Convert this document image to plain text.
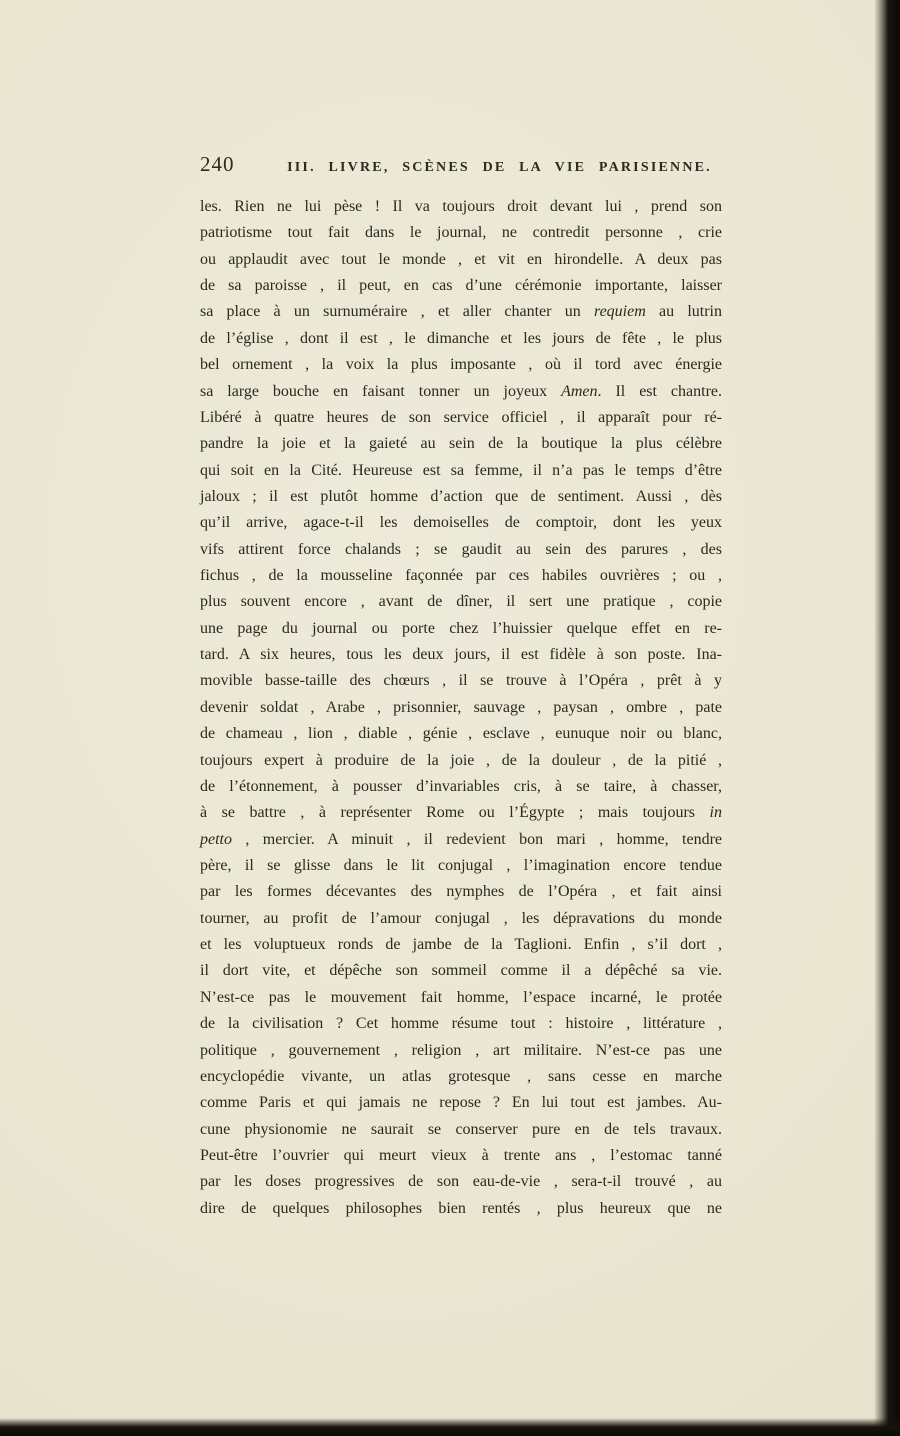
240	III. LIVRE, SCÈNES DE LA VIE PARISIENNE.
les. Rien ne lui pèse ! Il va toujours droit devant lui , prend son
patriotisme tout fait dans le journal, ne contredit personne , crie
ou applaudit avec tout le monde , et vit en hirondelle. A deux pas
de sa paroisse , il peut, en cas d’une cérémonie importante, laisser
sa place à un surnuméraire , et aller chanter un requiem au lutrin
de l’église , dont il est , le dimanche et les jours de fête , le plus
bel ornement , la voix la plus imposante , où il tord avec énergie
sa large bouche en faisant tonner un joyeux Amen. Il est chantre.
Libéré à quatre heures de son service officiel , il apparaît pour ré-
pandre la joie et la gaieté au sein de la boutique la plus célèbre
qui soit en la Cité. Heureuse est sa femme, il n’a pas le temps d’être
jaloux ; il est plutôt homme d’action que de sentiment. Aussi , dès
qu’il arrive, agace-t-il les demoiselles de comptoir, dont les yeux
vifs attirent force chalands ; se gaudit au sein des parures , des
fichus , de la mousseline façonnée par ces habiles ouvrières ; ou ,
plus souvent encore , avant de dîner, il sert une pratique , copie
une page du journal ou porte chez l’huissier quelque effet en re-
tard. A six heures, tous les deux jours, il est fidèle à son poste. Ina-
movible basse-taille des chœurs , il se trouve à l’Opéra , prêt à y
devenir soldat , Arabe , prisonnier, sauvage , paysan , ombre , pate
de chameau , lion , diable , génie , esclave , eunuque noir ou blanc,
toujours expert à produire de la joie , de la douleur , de la pitié ,
de l’étonnement, à pousser d’invariables cris, à se taire, à chasser,
à se battre , à représenter Rome ou l’Égypte ; mais toujours in
petto , mercier. A minuit , il redevient bon mari , homme, tendre
père, il se glisse dans le lit conjugal , l’imagination encore tendue
par les formes décevantes des nymphes de l’Opéra , et fait ainsi
tourner, au profit de l’amour conjugal , les dépravations du monde
et les voluptueux ronds de jambe de la Taglioni. Enfin , s’il dort ,
il dort vite, et dépêche son sommeil comme il a dépêché sa vie.
N’est-ce pas le mouvement fait homme, l’espace incarné, le protée
de la civilisation ? Cet homme résume tout : histoire , littérature ,
politique , gouvernement , religion , art militaire. N’est-ce pas une
encyclopédie vivante, un atlas grotesque , sans cesse en marche
comme Paris et qui jamais ne repose ? En lui tout est jambes. Au-
cune physionomie ne saurait se conserver pure en de tels travaux.
Peut-être l’ouvrier qui meurt vieux à trente ans , l’estomac tanné
par les doses progressives de son eau-de-vie , sera-t-il trouvé , au
dire de quelques philosophes bien rentés , plus heureux que ne
